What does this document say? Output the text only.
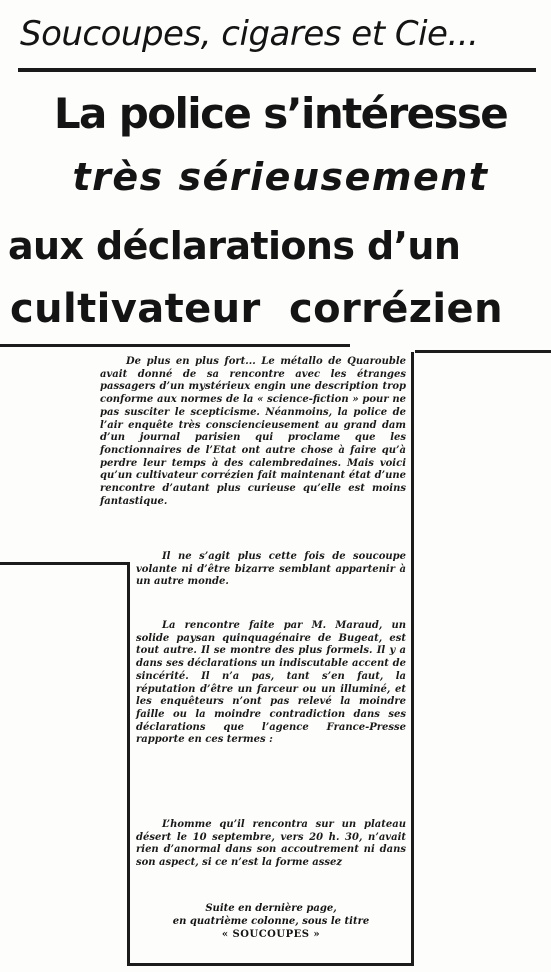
Soucoupes, cigares et Cie...
La police s’intéresse
très sérieusement
aux déclarations d’un
cultivateur corrézien

De plus en plus fort... Le métallo de Quarouble avait donné de sa rencontre avec les étranges passagers d’un mystérieux engin une description trop conforme aux normes de la « science-fiction » pour ne pas susciter le scepticisme. Néanmoins, la police de l’air enquête très consciencieusement au grand dam d’un journal parisien qui proclame que les fonctionnaires de l’Etat ont autre chose à faire qu’à perdre leur temps à des calembredaines. Mais voici qu’un cultivateur corrézien fait maintenant état d’une rencontre d’autant plus curieuse qu’elle est moins fantastique.

Il ne s’agit plus cette fois de soucoupe volante ni d’être bizarre semblant appartenir à un autre monde.

La rencontre faite par M. Maraud, un solide paysan quinquagénaire de Bugeat, est tout autre. Il se montre des plus formels. Il y a dans ses déclarations un indiscutable accent de sincérité. Il n’a pas, tant s’en faut, la réputation d’être un farceur ou un illuminé, et les enquêteurs n’ont pas relevé la moindre faille ou la moindre contradiction dans ses déclarations que l’agence France-Presse rapporte en ces termes :

L’homme qu’il rencontra sur un plateau désert le 10 septembre, vers 20 h. 30, n’avait rien d’anormal dans son accoutrement ni dans son aspect, si ce n’est la forme assez

Suite en dernière page,
en quatrième colonne, sous le titre
« SOUCOUPES »
